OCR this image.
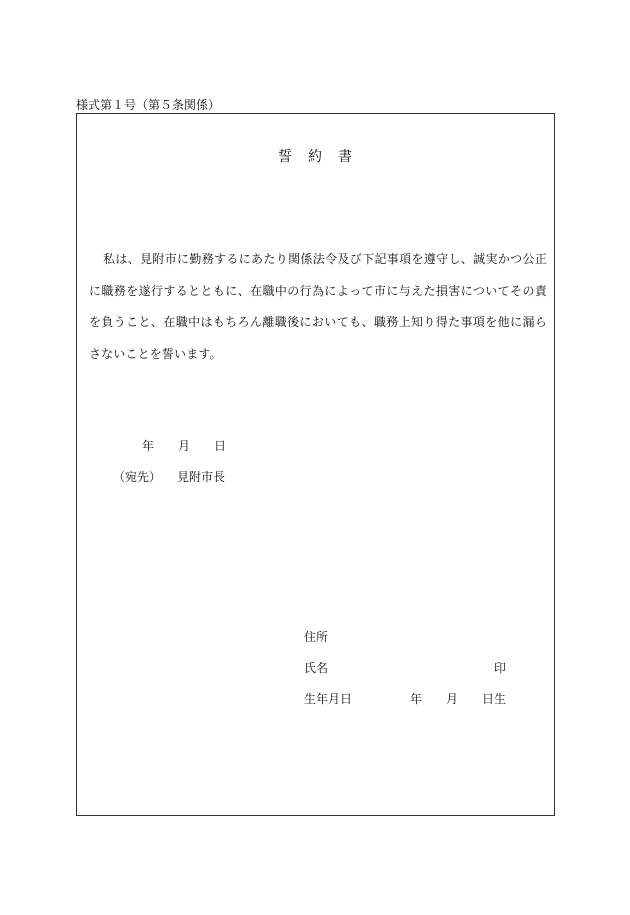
様式第１号（第５条関係）
誓約書
私は、見附市に勤務するにあたり関係法令及び下記事項を遵守し、誠実かつ公正に職務を遂行するとともに、在職中の行為によって市に与えた損害についてその責を負うこと、在職中はもちろん離職後においても、職務上知り得た事項を他に漏らさないことを誓います。
年 月 日
（宛先） 見附市長
住所
氏名	印
生年月日	年 月 日生
